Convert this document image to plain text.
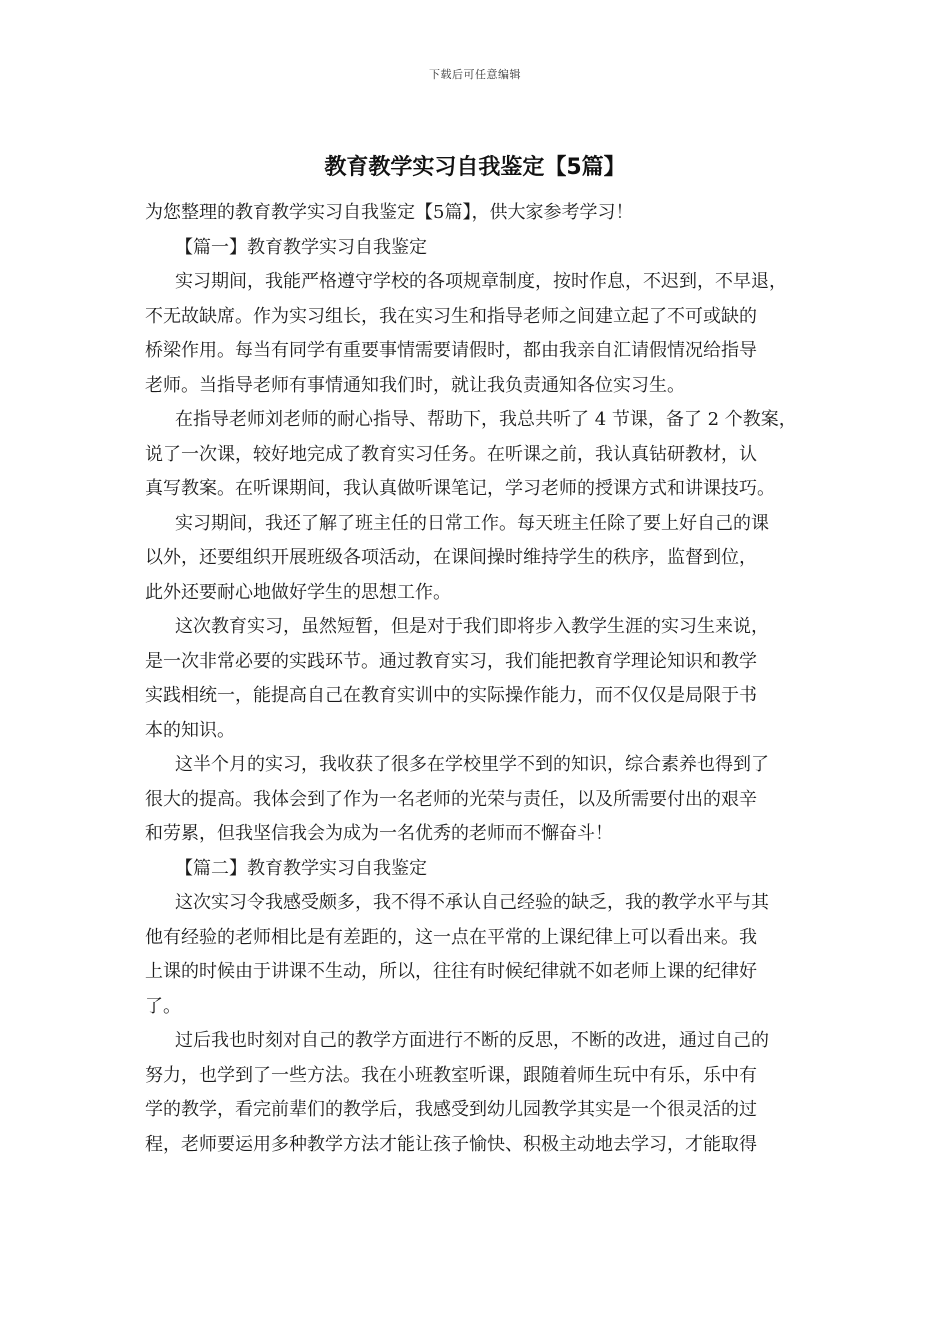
下载后可任意编辑
教育教学实习自我鉴定【5篇】
为您整理的教育教学实习自我鉴定【5篇】，供大家参考学习！
【篇一】教育教学实习自我鉴定
实习期间，我能严格遵守学校的各项规章制度，按时作息，不迟到，不早退，
不无故缺席。作为实习组长，我在实习生和指导老师之间建立起了不可或缺的
桥梁作用。每当有同学有重要事情需要请假时，都由我亲自汇请假情况给指导
老师。当指导老师有事情通知我们时，就让我负责通知各位实习生。
在指导老师刘老师的耐心指导、帮助下，我总共听了 4 节课，备了 2 个教案，
说了一次课，较好地完成了教育实习任务。在听课之前，我认真钻研教材，认
真写教案。在听课期间，我认真做听课笔记，学习老师的授课方式和讲课技巧。
实习期间，我还了解了班主任的日常工作。每天班主任除了要上好自己的课
以外，还要组织开展班级各项活动，在课间操时维持学生的秩序，监督到位，
此外还要耐心地做好学生的思想工作。
这次教育实习，虽然短暂，但是对于我们即将步入教学生涯的实习生来说，
是一次非常必要的实践环节。通过教育实习，我们能把教育学理论知识和教学
实践相统一，能提高自己在教育实训中的实际操作能力，而不仅仅是局限于书
本的知识。
这半个月的实习，我收获了很多在学校里学不到的知识，综合素养也得到了
很大的提高。我体会到了作为一名老师的光荣与责任，以及所需要付出的艰辛
和劳累，但我坚信我会为成为一名优秀的老师而不懈奋斗！
【篇二】教育教学实习自我鉴定
这次实习令我感受颇多，我不得不承认自己经验的缺乏，我的教学水平与其
他有经验的老师相比是有差距的，这一点在平常的上课纪律上可以看出来。我
上课的时候由于讲课不生动，所以，往往有时候纪律就不如老师上课的纪律好
了。
过后我也时刻对自己的教学方面进行不断的反思，不断的改进，通过自己的
努力，也学到了一些方法。我在小班教室听课，跟随着师生玩中有乐，乐中有
学的教学，看完前辈们的教学后，我感受到幼儿园教学其实是一个很灵活的过
程，老师要运用多种教学方法才能让孩子愉快、积极主动地去学习，才能取得
